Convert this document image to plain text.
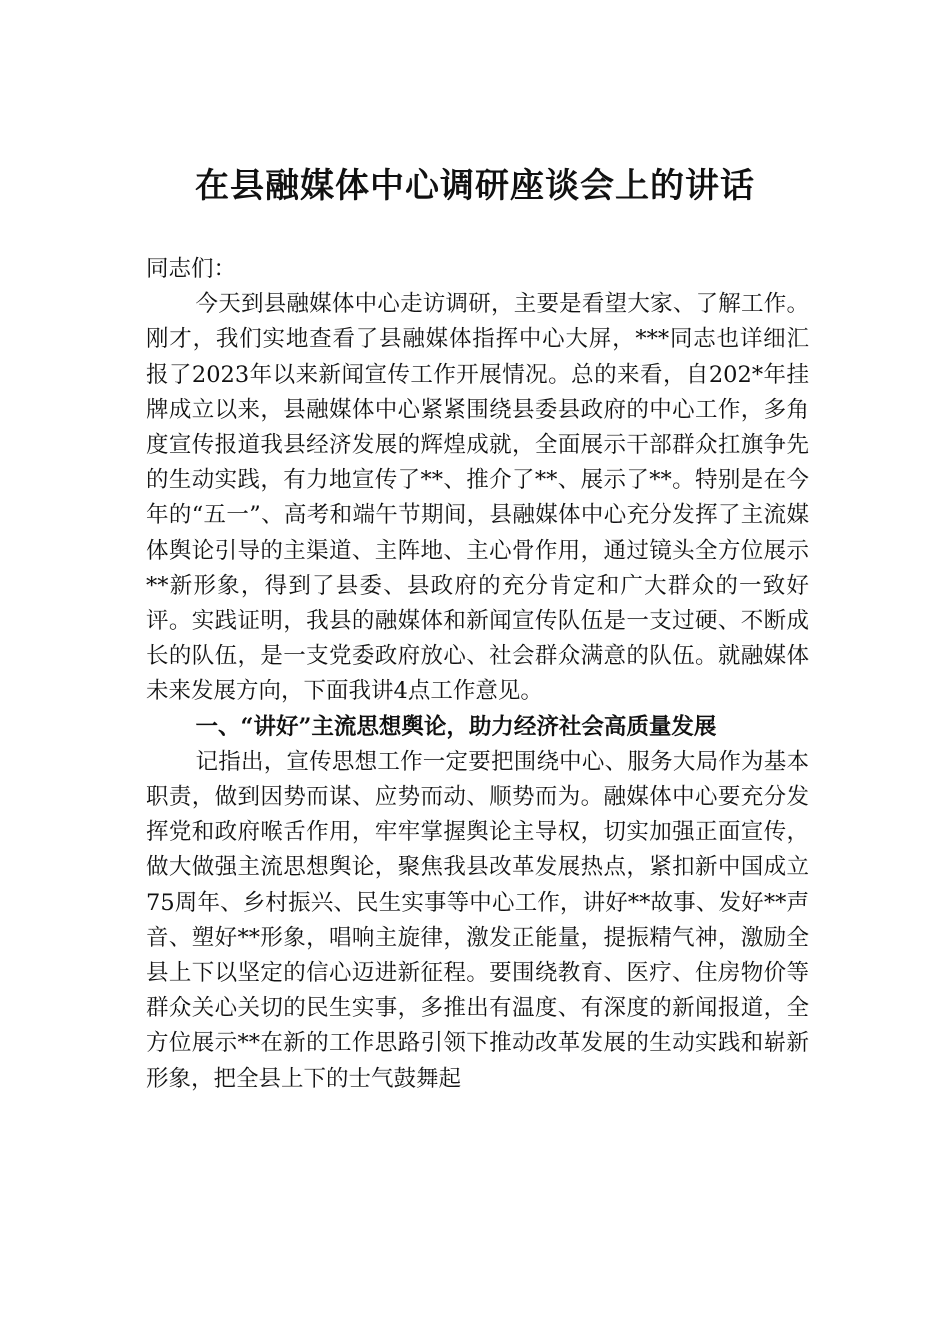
在县融媒体中心调研座谈会上的讲话

同志们：

今天到县融媒体中心走访调研，主要是看望大家、了解工作。刚才，我们实地查看了县融媒体指挥中心大屏，***同志也详细汇报了2023年以来新闻宣传工作开展情况。总的来看，自202*年挂牌成立以来，县融媒体中心紧紧围绕县委县政府的中心工作，多角度宣传报道我县经济发展的辉煌成就，全面展示干部群众扛旗争先的生动实践，有力地宣传了**、推介了**、展示了**。特别是在今年的“五一”、高考和端午节期间，县融媒体中心充分发挥了主流媒体舆论引导的主渠道、主阵地、主心骨作用，通过镜头全方位展示**新形象，得到了县委、县政府的充分肯定和广大群众的一致好评。实践证明，我县的融媒体和新闻宣传队伍是一支过硬、不断成长的队伍，是一支党委政府放心、社会群众满意的队伍。就融媒体未来发展方向，下面我讲4点工作意见。

一、“讲好”主流思想舆论，助力经济社会高质量发展

记指出，宣传思想工作一定要把围绕中心、服务大局作为基本职责，做到因势而谋、应势而动、顺势而为。融媒体中心要充分发挥党和政府喉舌作用，牢牢掌握舆论主导权，切实加强正面宣传，做大做强主流思想舆论，聚焦我县改革发展热点，紧扣新中国成立75周年、乡村振兴、民生实事等中心工作，讲好**故事、发好**声音、塑好**形象，唱响主旋律，激发正能量，提振精气神，激励全县上下以坚定的信心迈进新征程。要围绕教育、医疗、住房物价等群众关心关切的民生实事，多推出有温度、有深度的新闻报道，全方位展示**在新的工作思路引领下推动改革发展的生动实践和崭新形象，把全县上下的士气鼓舞起
